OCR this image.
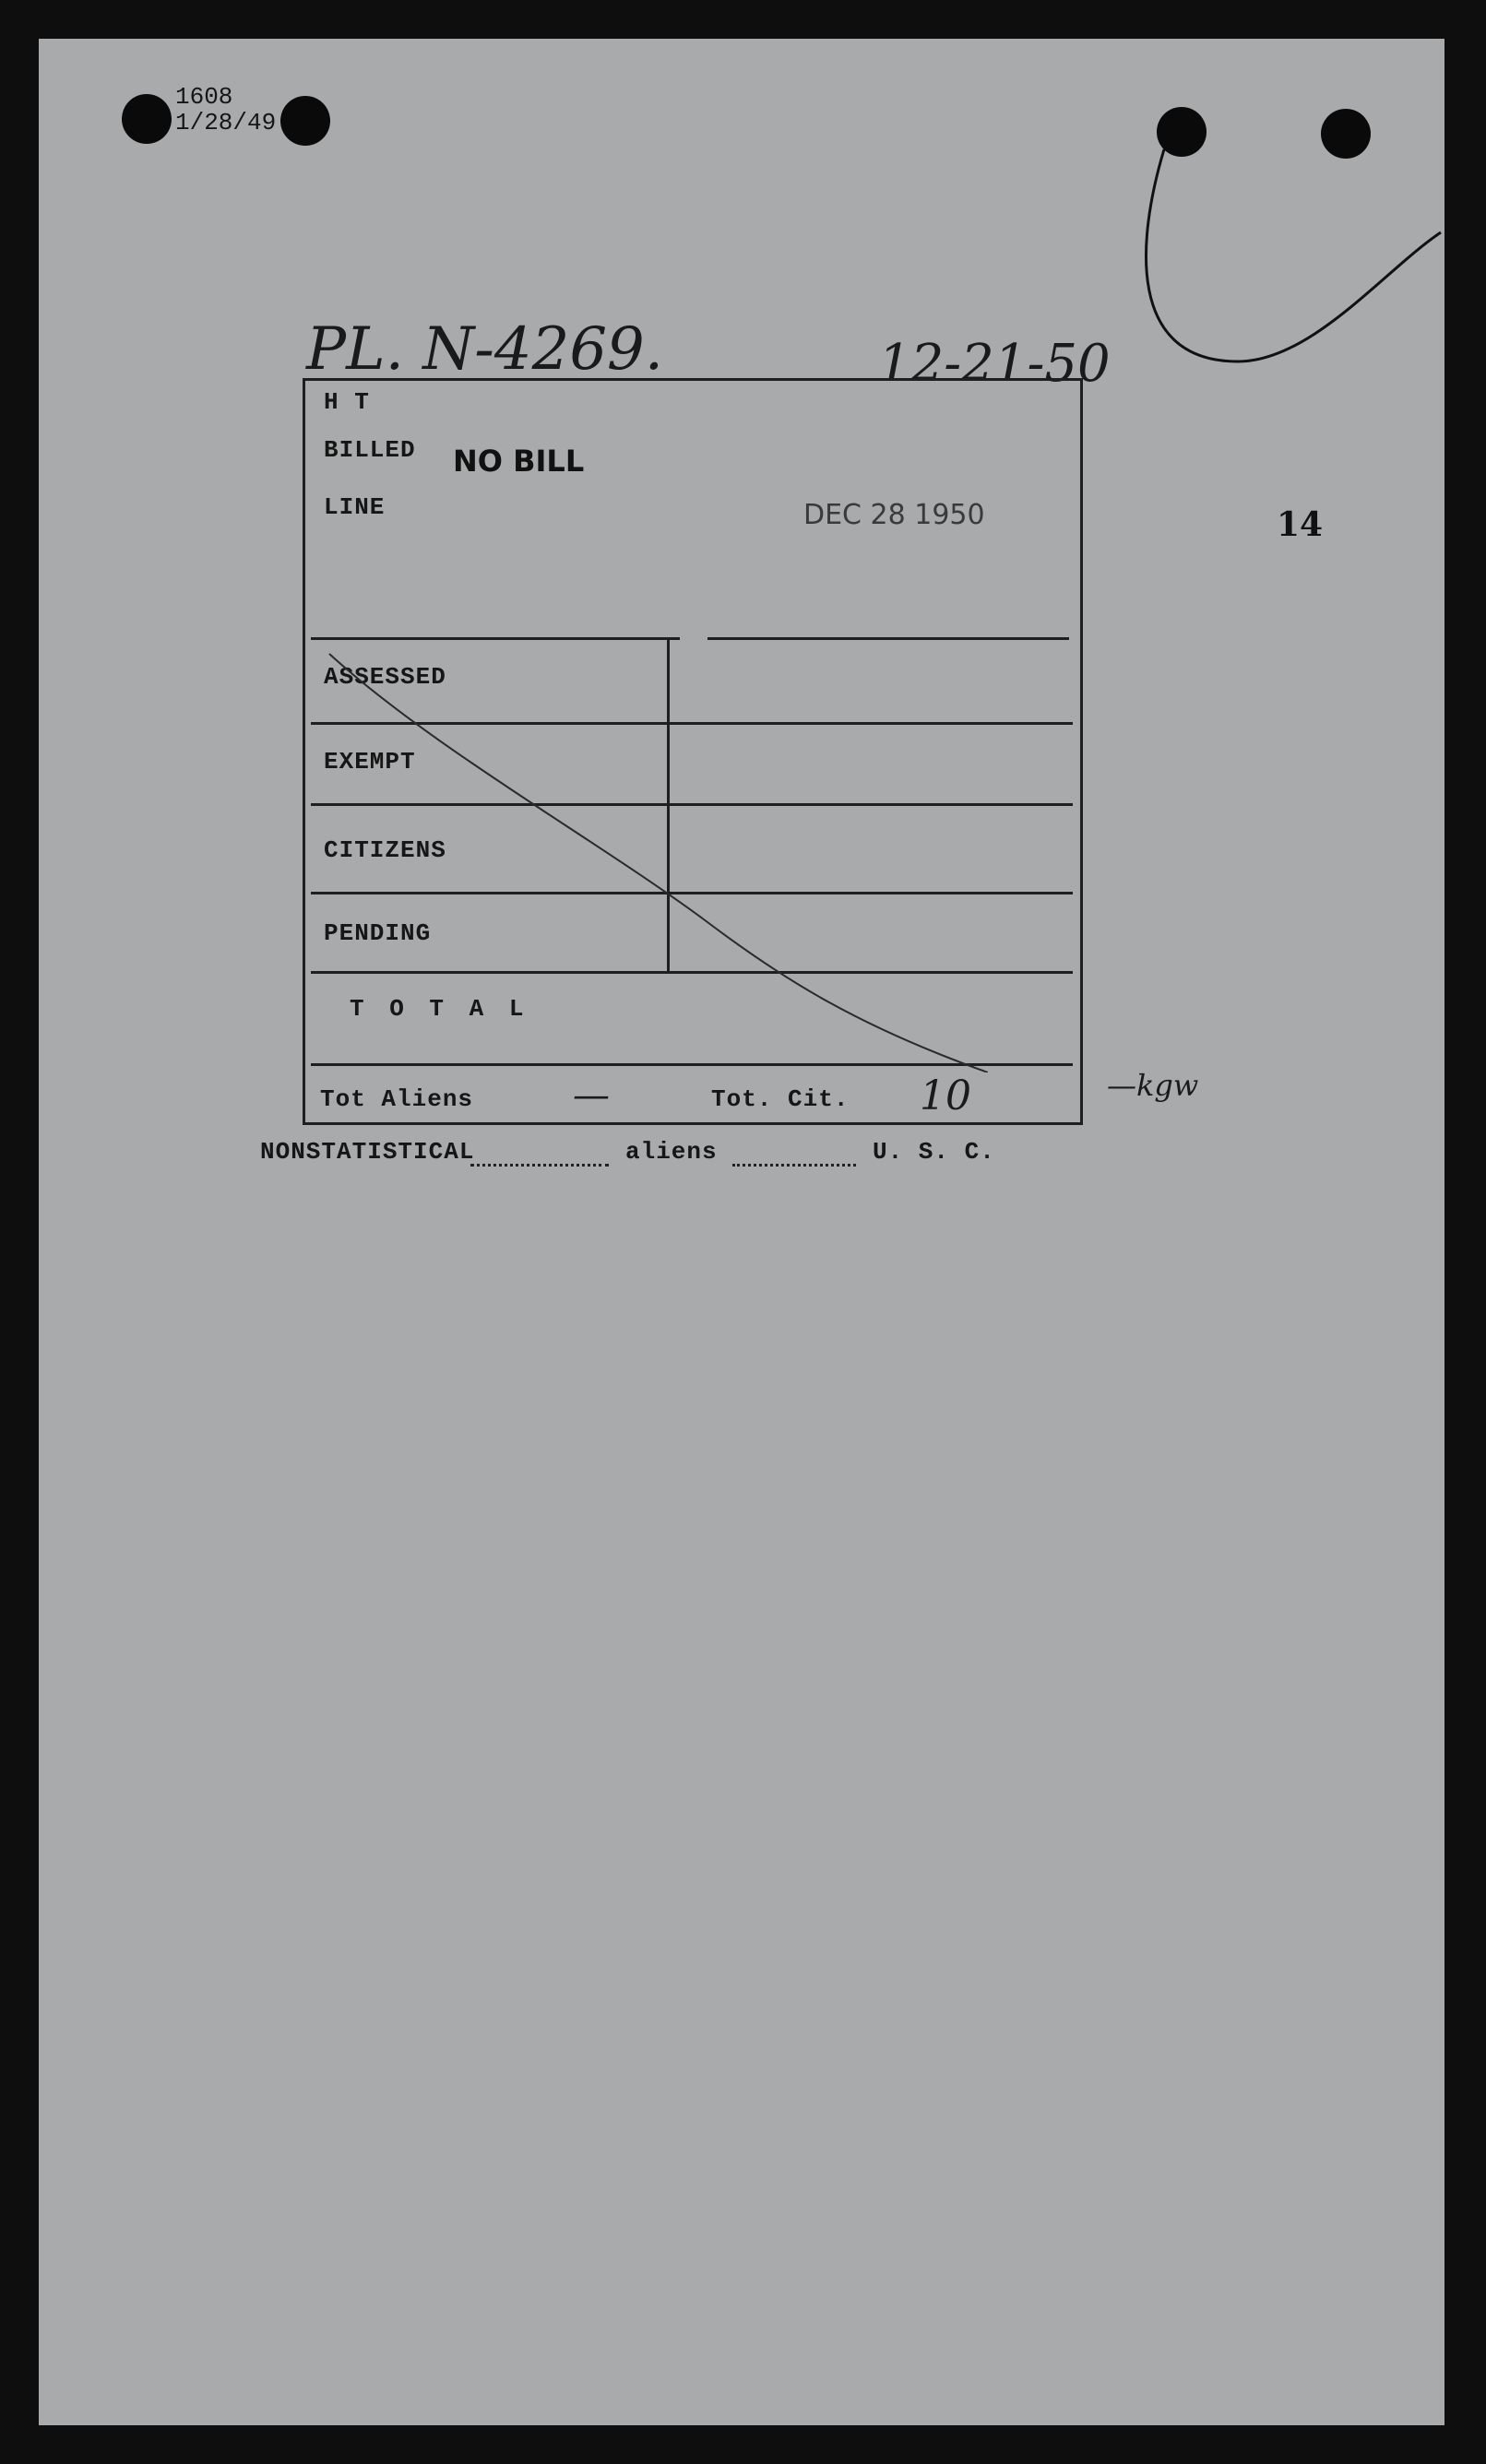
1608
1/28/49
PL. N-4269.	12-21-50
H T
BILLED NO BILL
LINE	DEC 28 1950
ASSESSED
EXEMPT
CITIZENS
PENDING
T O T A L
Tot Aliens	—	Tot. Cit. 10
14
—kgw
NONSTATISTICAL	aliens	U. S. C.
